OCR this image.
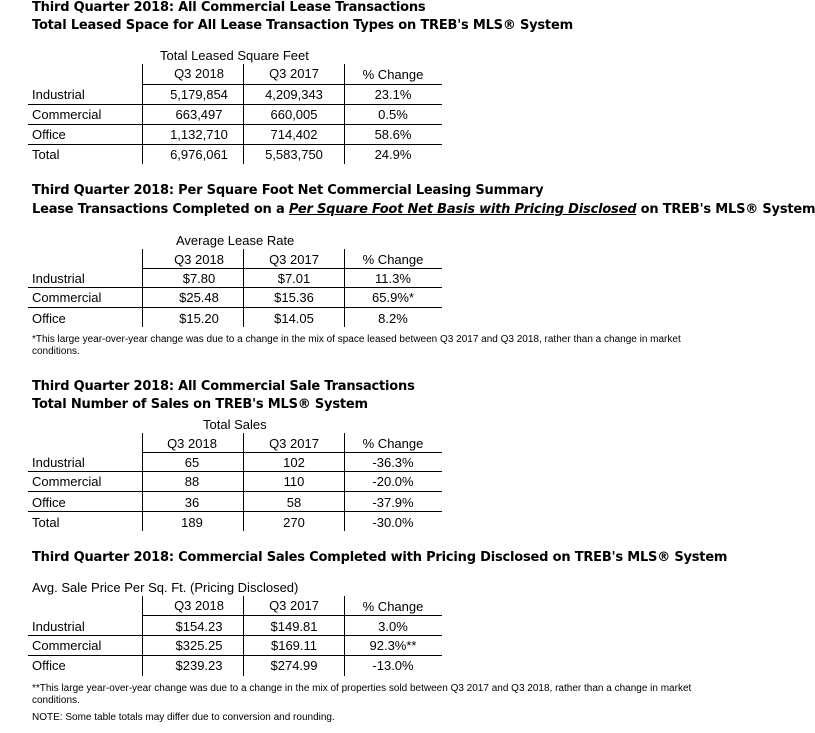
Third Quarter 2018: All Commercial Lease Transactions
Total Leased Space for All Lease Transaction Types on TREB's MLS® System
Total Leased Square Feet
Q3 2018	Q3 2017	% Change
Industrial	5,179,854	4,209,343	23.1%
Commercial	663,497	660,005	0.5%
Office	1,132,710	714,402	58.6%
Total	6,976,061	5,583,750	24.9%
Third Quarter 2018: Per Square Foot Net Commercial Leasing Summary
Lease Transactions Completed on a Per Square Foot Net Basis with Pricing Disclosed on TREB's MLS® System
Average Lease Rate
Q3 2018	Q3 2017	% Change
Industrial	$7.80	$7.01	11.3%
Commercial	$25.48	$15.36	65.9%*
Office	$15.20	$14.05	8.2%
*This large year-over-year change was due to a change in the mix of space leased between Q3 2017 and Q3 2018, rather than a change in market
conditions.
Third Quarter 2018: All Commercial Sale Transactions
Total Number of Sales on TREB's MLS® System
Total Sales
Q3 2018	Q3 2017	% Change
Industrial	65	102	-36.3%
Commercial	88	110	-20.0%
Office	36	58	-37.9%
Total	189	270	-30.0%
Third Quarter 2018: Commercial Sales Completed with Pricing Disclosed on TREB's MLS® System
Avg. Sale Price Per Sq. Ft. (Pricing Disclosed)
Q3 2018	Q3 2017	% Change
Industrial	$154.23	$149.81	3.0%
Commercial	$325.25	$169.11	92.3%**
Office	$239.23	$274.99	-13.0%
**This large year-over-year change was due to a change in the mix of properties sold between Q3 2017 and Q3 2018, rather than a change in market
conditions.
NOTE: Some table totals may differ due to conversion and rounding.
